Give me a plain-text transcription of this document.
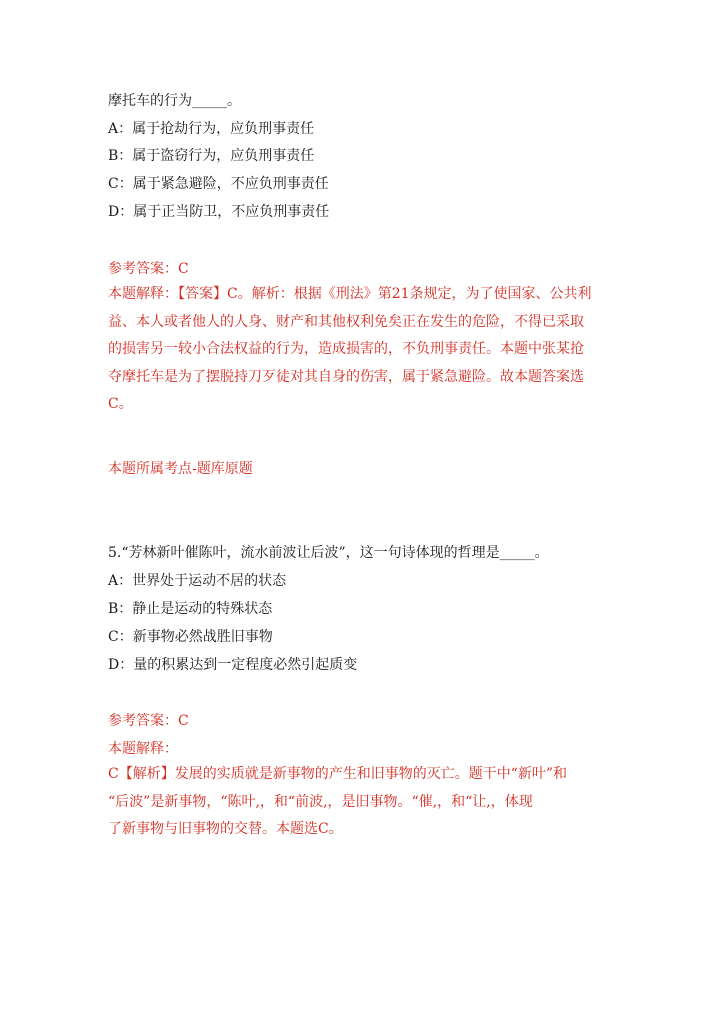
摩托车的行为_____。
A：属于抢劫行为，应负刑事责任
B：属于盗窃行为，应负刑事责任
C：属于紧急避险，不应负刑事责任
D：属于正当防卫，不应负刑事责任
参考答案：C
本题解释：【答案】C。解析：根据《刑法》第21条规定，为了使国家、公共利
益、本人或者他人的人身、财产和其他权利免矣正在发生的危险，不得已采取
的损害另一较小合法权益的行为，造成损害的，不负刑事责任。本题中张某抢
夺摩托车是为了摆脱持刀歹徒对其自身的伤害，属于紧急避险。故本题答案选
C。
本题所属考点-题库原题
5.“芳林新叶催陈叶，流水前波让后波”，这一句诗体现的哲理是_____。
A：世界处于运动不居的状态
B：静止是运动的特殊状态
C：新事物必然战胜旧事物
D：量的积累达到一定程度必然引起质变
参考答案：C
本题解释：
C【解析】发展的实质就是新事物的产生和旧事物的灭亡。题干中“新叶”和
“后波”是新事物，“陈叶,，和“前波,，是旧事物。“催,，和“让,，体现
了新事物与旧事物的交替。本题选C。
